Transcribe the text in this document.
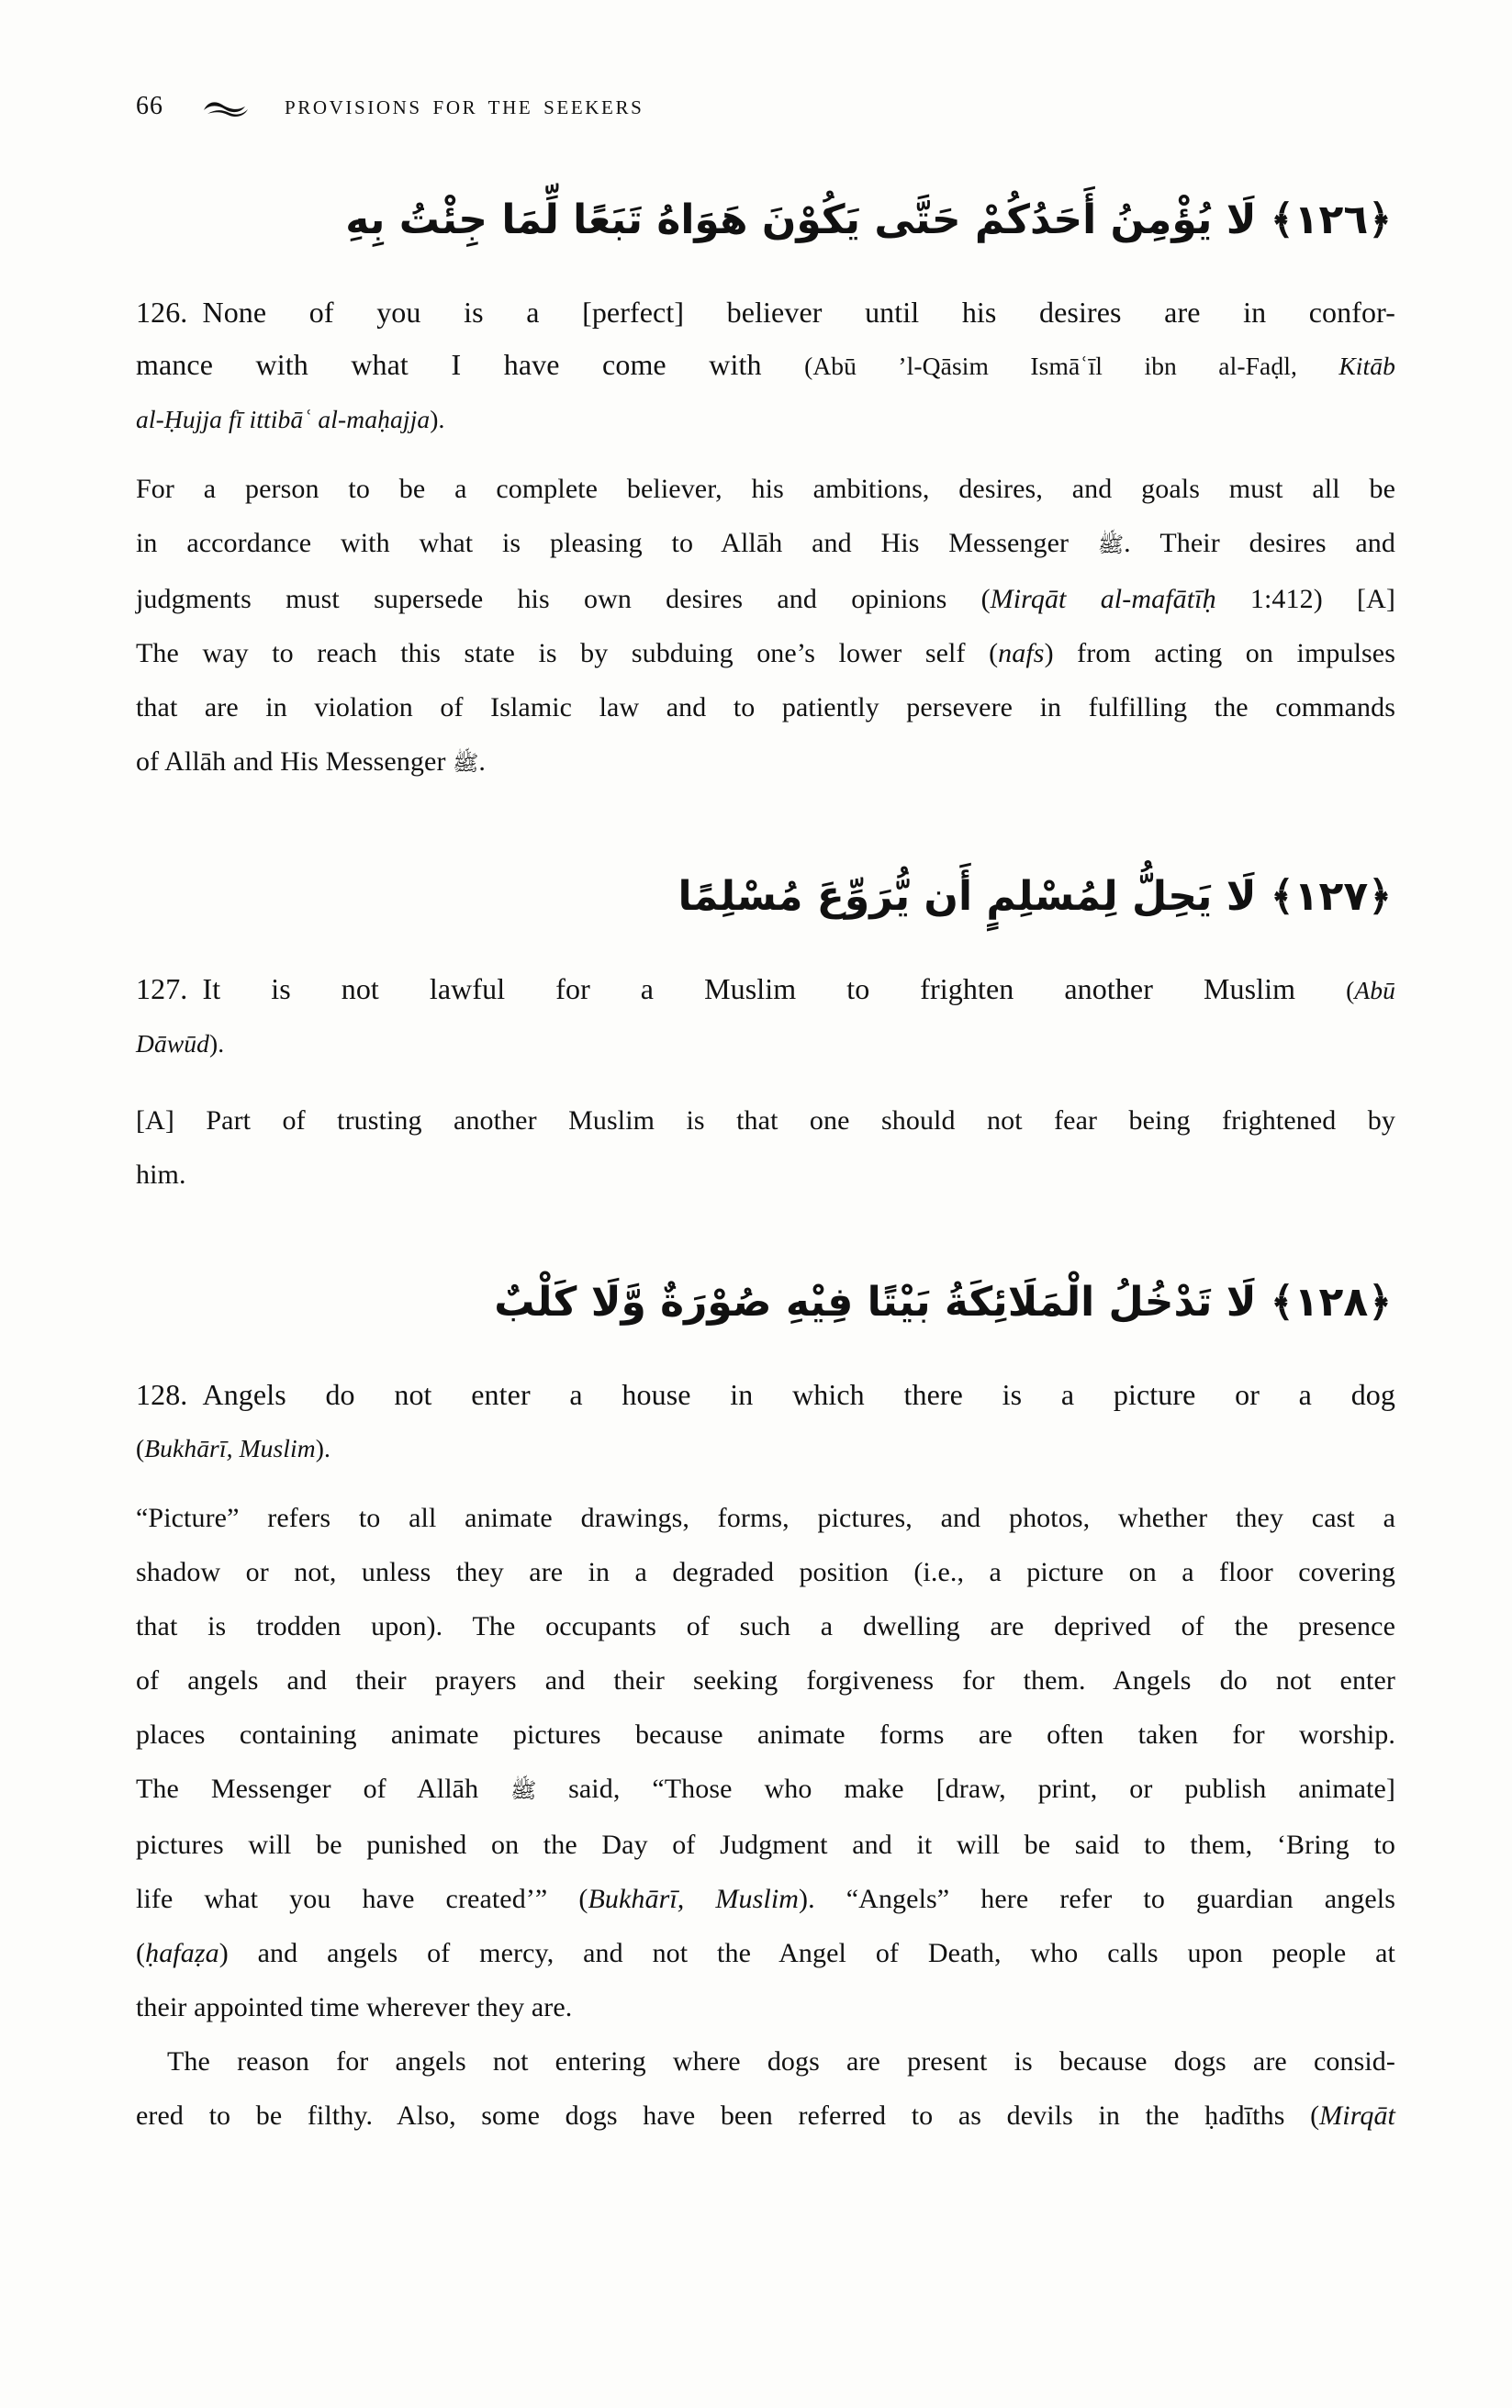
66	PROVISIONS FOR THE SEEKERS
﴿١٢٦﴾ لَا يُؤْمِنُ أَحَدُكُمْ حَتَّى يَكُوْنَ هَوَاهُ تَبَعًا لِّمَا جِئْتُ بِهِ
126. None of you is a [perfect] believer until his desires are in confor-
mance with what I have come with (Abū ’l-Qāsim Ismāʿīl ibn al-Faḍl, Kitāb
al-Ḥujja fī ittibāʿ al-maḥajja).
For a person to be a complete believer, his ambitions, desires, and goals must all be
in accordance with what is pleasing to Allāh and His Messenger ﷺ. Their desires and
judgments must supersede his own desires and opinions (Mirqāt al-mafātīḥ 1:412) [A]
The way to reach this state is by subduing one’s lower self (nafs) from acting on impulses
that are in violation of Islamic law and to patiently persevere in fulfilling the commands
of Allāh and His Messenger ﷺ.
﴿١٢٧﴾ لَا يَحِلُّ لِمُسْلِمٍ أَن يُّرَوِّعَ مُسْلِمًا
127. It is not lawful for a Muslim to frighten another Muslim (Abū
Dāwūd).
[A] Part of trusting another Muslim is that one should not fear being frightened by
him.
﴿١٢٨﴾ لَا تَدْخُلُ الْمَلَائِكَةُ بَيْتًا فِيْهِ صُوْرَةٌ وَّلَا كَلْبٌ
128. Angels do not enter a house in which there is a picture or a dog
(Bukhārī, Muslim).
“Picture” refers to all animate drawings, forms, pictures, and photos, whether they cast a
shadow or not, unless they are in a degraded position (i.e., a picture on a floor covering
that is trodden upon). The occupants of such a dwelling are deprived of the presence
of angels and their prayers and their seeking forgiveness for them. Angels do not enter
places containing animate pictures because animate forms are often taken for worship.
The Messenger of Allāh ﷺ said, “Those who make [draw, print, or publish animate]
pictures will be punished on the Day of Judgment and it will be said to them, ‘Bring to
life what you have created’” (Bukhārī, Muslim). “Angels” here refer to guardian angels
(ḥafaẓa) and angels of mercy, and not the Angel of Death, who calls upon people at
their appointed time wherever they are.
The reason for angels not entering where dogs are present is because dogs are consid-
ered to be filthy. Also, some dogs have been referred to as devils in the ḥadīths (Mirqāt
